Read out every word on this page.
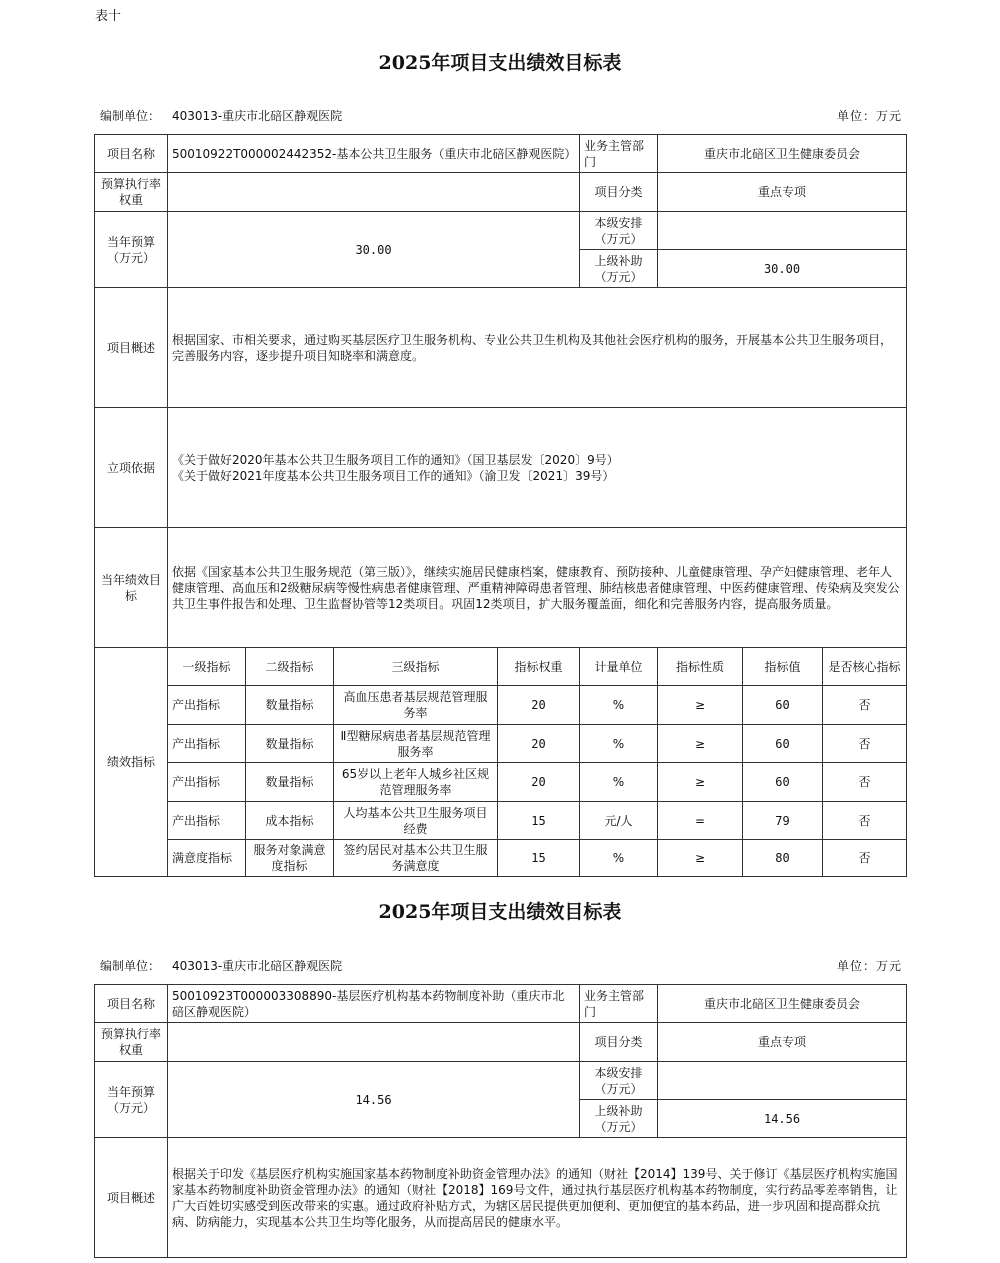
表十
2025年项目支出绩效目标表
编制单位： 403013-重庆市北碚区静观医院	单位：万元
项目名称	50010922T000002442352-基本公共卫生服务（重庆市北碚区静观医院）				业务主管部门	重庆市北碚区卫生健康委员会		
预算执行率权重					项目分类	重点专项		
当年预算（万元）	30.00				本级安排（万元）			
					上级补助（万元）	30.00		
项目概述	根据国家、市相关要求，通过购买基层医疗卫生服务机构、专业公共卫生机构及其他社会医疗机构的服务，开展基本公共卫生服务项目，完善服务内容，逐步提升项目知晓率和满意度。							
立项依据	《关于做好2020年基本公共卫生服务项目工作的通知》（国卫基层发〔2020〕9号）
《关于做好2021年度基本公共卫生服务项目工作的通知》（渝卫发〔2021〕39号）							

当年绩效目标	依据《国家基本公共卫生服务规范（第三版）》，继续实施居民健康档案，健康教育、预防接种、儿童健康管理、孕产妇健康管理、老年人健康管理、高血压和2级糖尿病等慢性病患者健康管理、严重精神障碍患者管理、肺结核患者健康管理、中医药健康管理、传染病及突发公共卫生事件报告和处理、卫生监督协管等12类项目。巩固12类项目，扩大服务覆盖面，细化和完善服务内容，提高服务质量。							
绩效指标	一级指标	二级指标	三级指标	指标权重	计量单位	指标性质	指标值	是否核心指标
	产出指标	数量指标	高血压患者基层规范管理服务率	20	%	≥	60	否
	产出指标	数量指标	Ⅱ型糖尿病患者基层规范管理服务率	20	%	≥	60	否
	产出指标	数量指标	65岁以上老年人城乡社区规范管理服务率	20	%	≥	60	否
	产出指标	成本指标	人均基本公共卫生服务项目经费	15	元/人	=	79	否
	满意度指标	服务对象满意度指标	签约居民对基本公共卫生服务满意度	15	%	≥	80	否
2025年项目支出绩效目标表
编制单位： 403013-重庆市北碚区静观医院	单位：万元
项目名称	50010923T000003308890-基层医疗机构基本药物制度补助（重庆市北碚区静观医院）	业务主管部门	重庆市北碚区卫生健康委员会
预算执行率权重		项目分类	重点专项
当年预算（万元）	14.56	本级安排（万元）	
		上级补助（万元）	14.56
项目概述	根据关于印发《基层医疗机构实施国家基本药物制度补助资金管理办法》的通知（财社【2014】139号、关于修订《基层医疗机构实施国家基本药物制度补助资金管理办法》的通知（财社【2018】169号文件，通过执行基层医疗机构基本药物制度，实行药品零差率销售，让广大百姓切实感受到医改带来的实惠。通过政府补贴方式，为辖区居民提供更加便利、更加便宜的基本药品，进一步巩固和提高群众抗病、防病能力，实现基本公共卫生均等化服务，从而提高居民的健康水平。		
